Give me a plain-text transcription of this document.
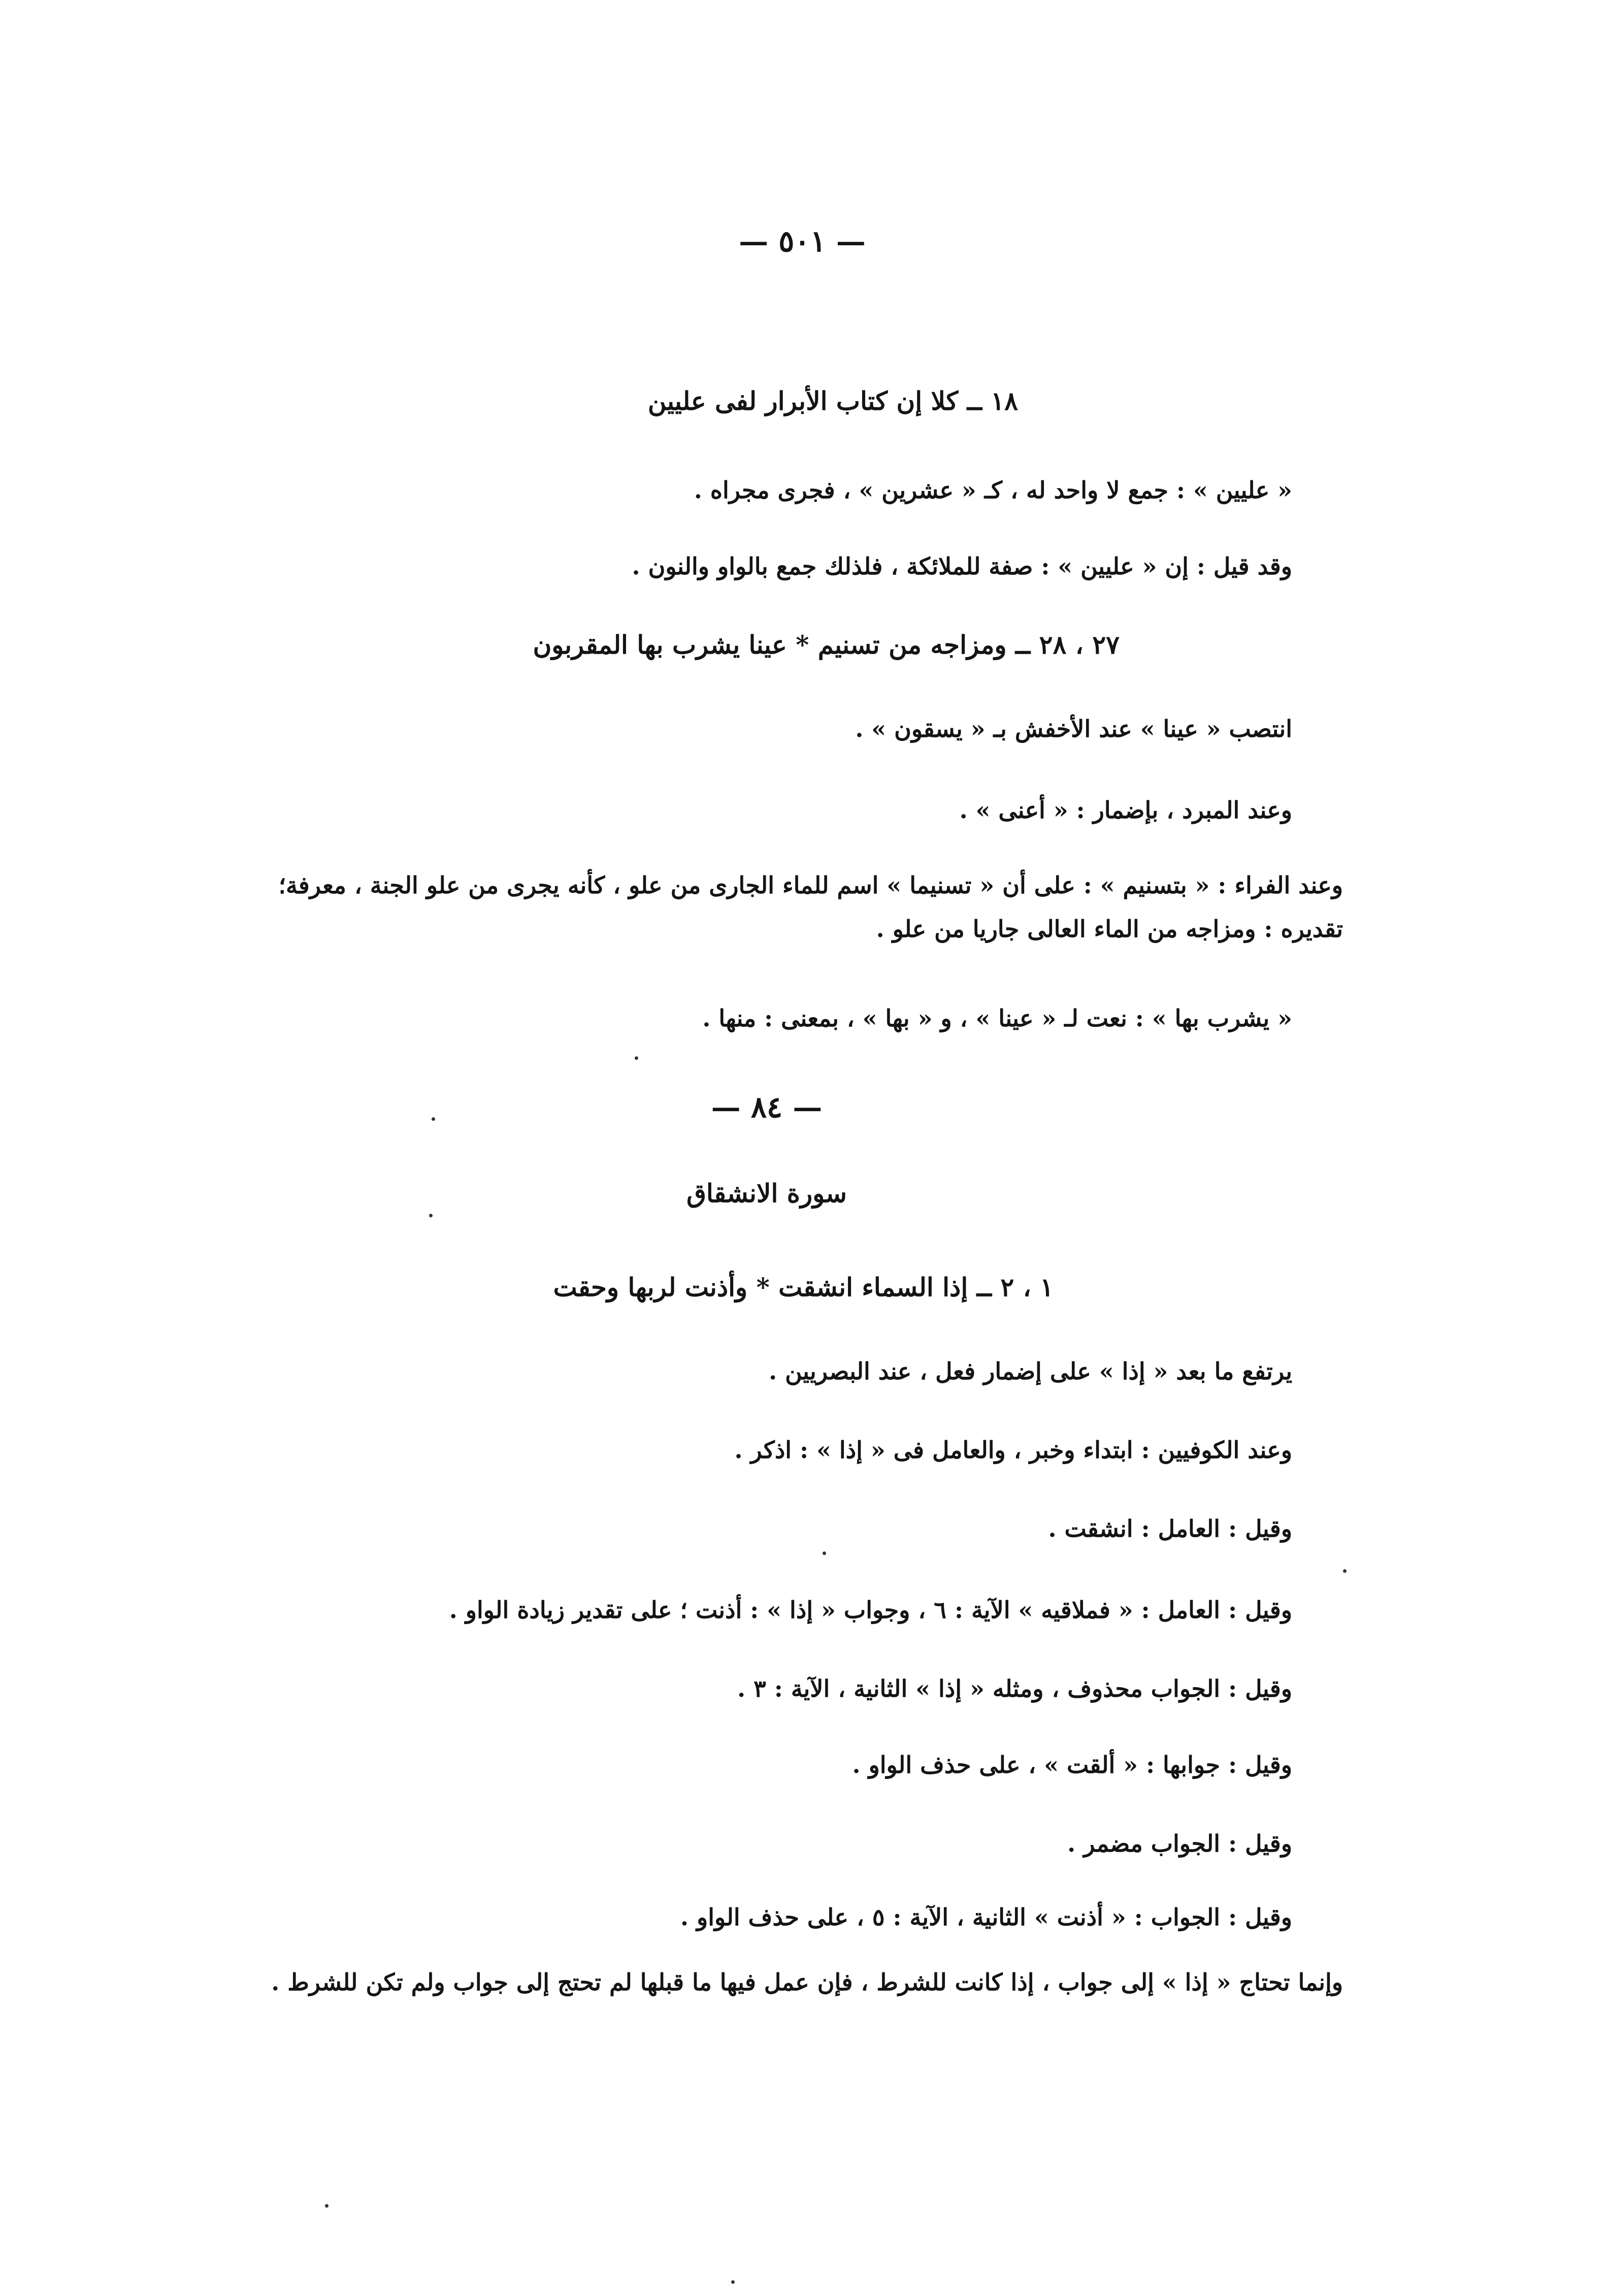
— ٥٠١ —
١٨ ــ كلا إن كتاب الأبرار لفى عليين
« عليين » : جمع لا واحد له ، كـ « عشرين » ، فجرى مجراه .
وقد قيل : إن « عليين » : صفة للملائكة ، فلذلك جمع بالواو والنون .
٢٧ ، ٢٨ ــ ومزاجه من تسنيم * عينا يشرب بها المقربون
انتصب « عينا » عند الأخفش بـ « يسقون » .
وعند المبرد ، بإضمار : « أعنى » .
وعند الفراء : « بتسنيم » : على أن « تسنيما » اسم للماء الجارى من علو ، كأنه يجرى من علو الجنة ، معرفة؛ تقديره : ومزاجه من الماء العالى جاريا من علو .
« يشرب بها » : نعت لـ « عينا » ، و « بها » ، بمعنى : منها .
— ٨٤ —
سورة الانشقاق
١ ، ٢ ــ إذا السماء انشقت * وأذنت لربها وحقت
يرتفع ما بعد « إذا » على إضمار فعل ، عند البصريين .
وعند الكوفيين : ابتداء وخبر ، والعامل فى « إذا » : اذكر .
وقيل : العامل : انشقت .
وقيل : العامل : « فملاقيه » الآية : ٦ ، وجواب « إذا » : أذنت ؛ على تقدير زيادة الواو .
وقيل : الجواب محذوف ، ومثله « إذا » الثانية ، الآية : ٣ .
وقيل : جوابها : « ألقت » ، على حذف الواو .
وقيل : الجواب مضمر .
وقيل : الجواب : « أذنت » الثانية ، الآية : ٥ ، على حذف الواو .
وإنما تحتاج « إذا » إلى جواب ، إذا كانت للشرط ، فإن عمل فيها ما قبلها لم تحتج إلى جواب ولم تكن للشرط .
